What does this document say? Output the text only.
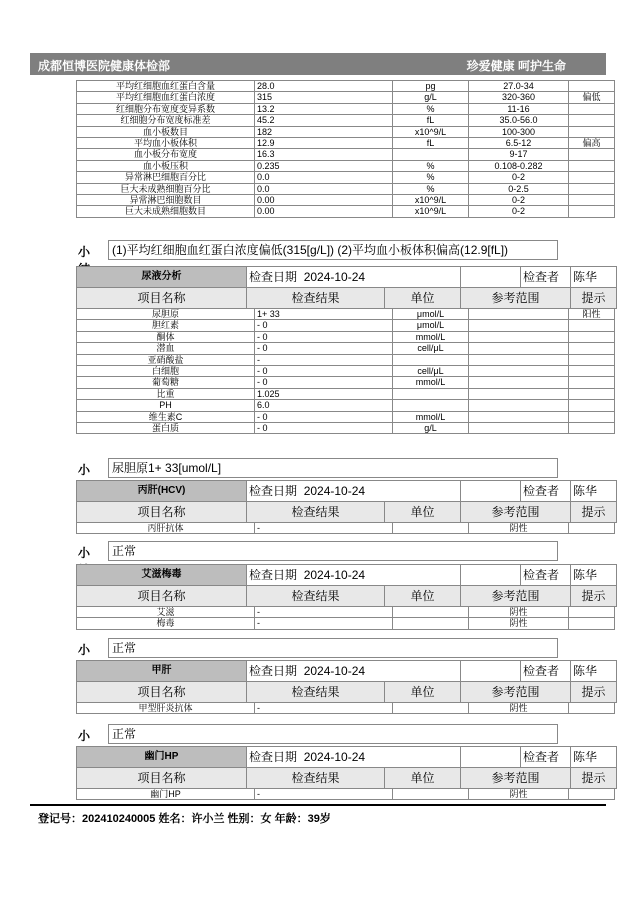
成都恒博医院健康体检部	珍爱健康 呵护生命
平均红细胞血红蛋白含量	28.0	pg	27.0-34	
平均红细胞血红蛋白浓度	315	g/L	320-360	偏低
红细胞分布宽度变异系数	13.2	%	11-16	
红细胞分布宽度标准差	45.2	fL	35.0-56.0	
血小板数目	182	x10^9/L	100-300	
平均血小板体积	12.9	fL	6.5-12	偏高
血小板分布宽度	16.3		9-17	
血小板压积	0.235	%	0.108-0.282	
异常淋巴细胞百分比	0.0	%	0-2	
巨大未成熟细胞百分比	0.0	%	0-2.5	
异常淋巴细胞数目	0.00	x10^9/L	0-2	
巨大未成熟细胞数目	0.00	x10^9/L	0-2	
小	(1)平均红细胞血红蛋白浓度偏低(315[g/L]) (2)平均血小板体积偏高(12.9[fL])
尿液分析	检查日期 2024-10-24			检查者	陈华
项目名称	检查结果	单位	参考范围		提示
尿胆原	1+ 33	μmol/L		阳性
胆红素	- 0	μmol/L		
酮体	- 0	mmol/L		
潜血	- 0	cell/μL		
亚硝酸盐	-			
白细胞	- 0	cell/μL		
葡萄糖	- 0	mmol/L		
比重	1.025			
PH	6.0			
维生素C	- 0	mmol/L		
蛋白质	- 0	g/L		
小	尿胆原1+ 33[umol/L]
丙肝(HCV)	检查日期 2024-10-24			检查者	陈华
项目名称	检查结果	单位	参考范围		提示
丙肝抗体	-		阴性	
小	正常
艾滋梅毒	检查日期 2024-10-24			检查者	陈华
项目名称	检查结果	单位	参考范围		提示
艾滋	-		阴性	
梅毒	-		阴性	
小	正常
甲肝	检查日期 2024-10-24			检查者	陈华
项目名称	检查结果	单位	参考范围		提示
甲型肝炎抗体	-		阴性	
小	正常
幽门HP	检查日期 2024-10-24			检查者	陈华
项目名称	检查结果	单位	参考范围		提示
幽门HP	-		阴性	
登记号：202410240005 姓名：许小兰 性别：女 年龄：39岁
